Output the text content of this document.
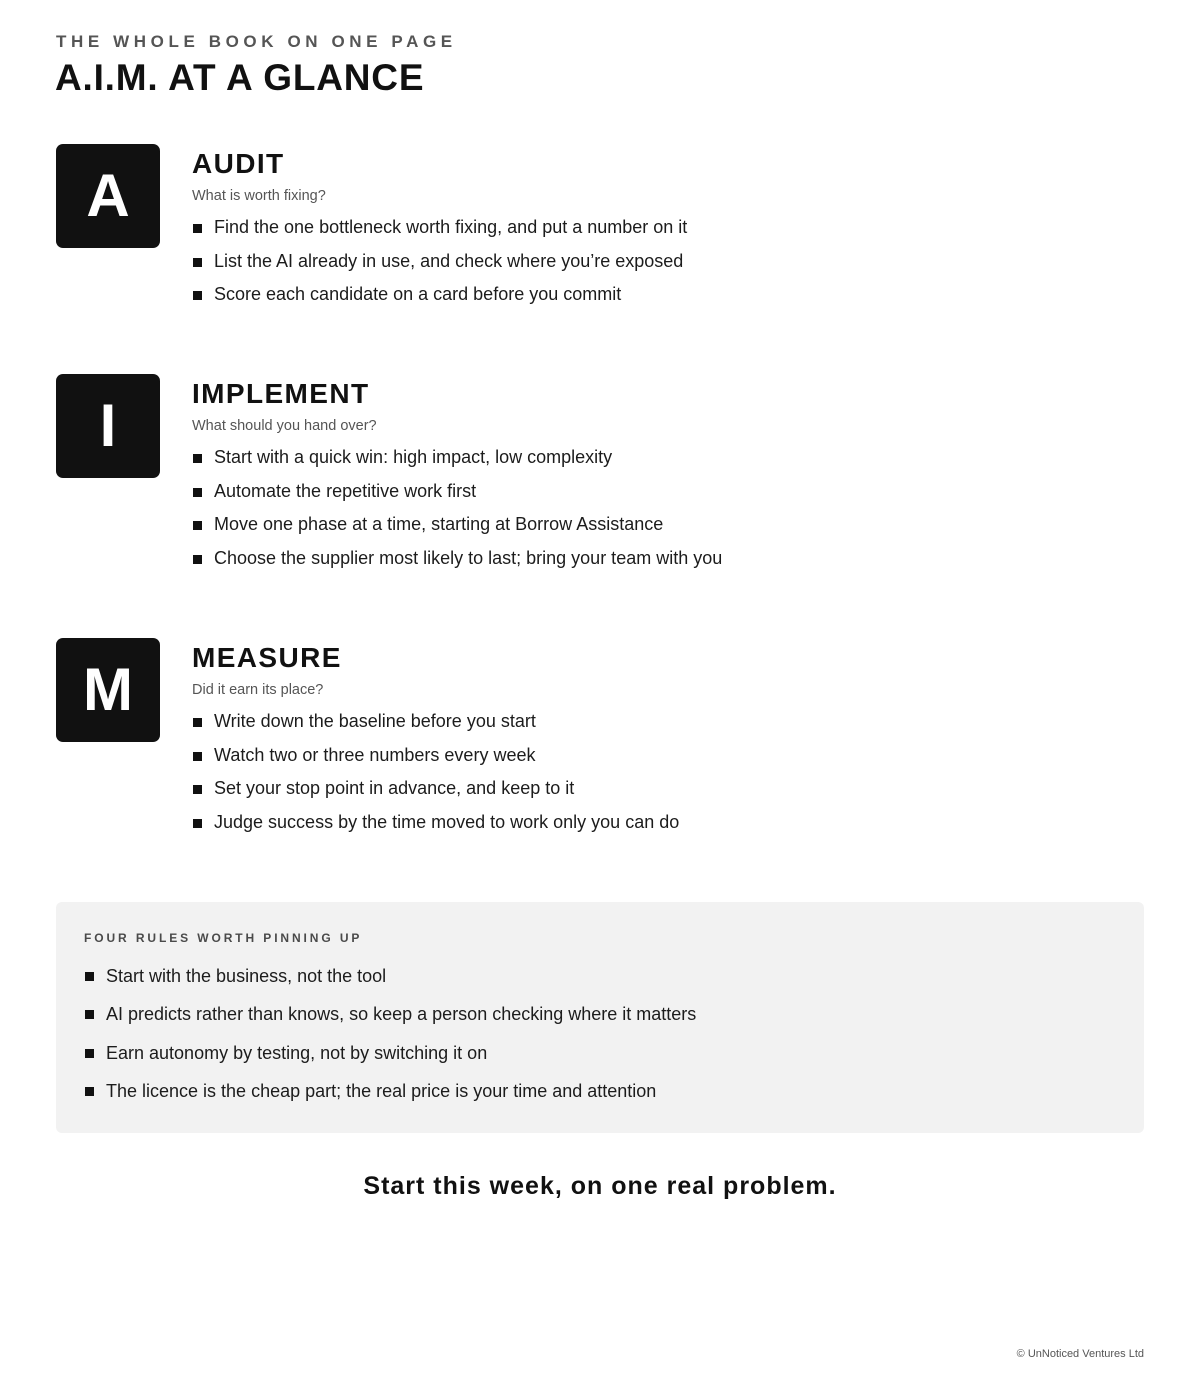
THE WHOLE BOOK ON ONE PAGE
A.I.M. AT A GLANCE
A AUDIT
What is worth fixing?
Find the one bottleneck worth fixing, and put a number on it
List the AI already in use, and check where you’re exposed
Score each candidate on a card before you commit
I	IMPLEMENT
What should you hand over?
Start with a quick win: high impact, low complexity
Automate the repetitive work first
Move one phase at a time, starting at Borrow Assistance
Choose the supplier most likely to last; bring your team with you
M MEASURE
Did it earn its place?
Write down the baseline before you start
Watch two or three numbers every week
Set your stop point in advance, and keep to it
Judge success by the time moved to work only you can do
FOUR RULES WORTH PINNING UP
Start with the business, not the tool
AI predicts rather than knows, so keep a person checking where it matters
Earn autonomy by testing, not by switching it on
The licence is the cheap part; the real price is your time and attention
Start this week, on one real problem.
© UnNoticed Ventures Ltd
